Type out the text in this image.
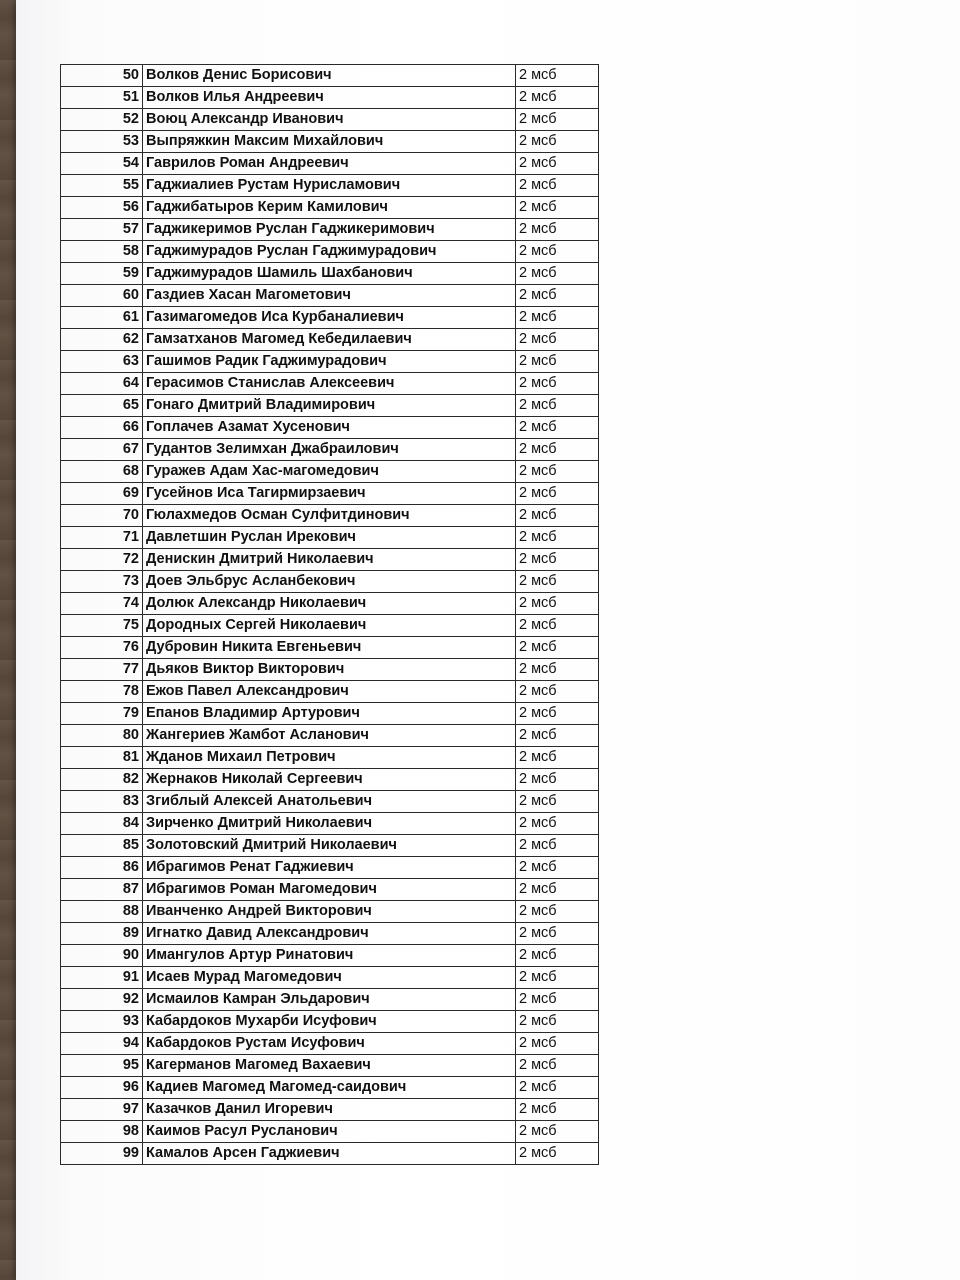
50	Волков Денис Борисович	2 мсб
51	Волков Илья Андреевич	2 мсб
52	Воюц Александр Иванович	2 мсб
53	Выпряжкин Максим Михайлович	2 мсб
54	Гаврилов Роман Андреевич	2 мсб
55	Гаджиалиев Рустам Нурисламович	2 мсб
56	Гаджибатыров Керим Камилович	2 мсб
57	Гаджикеримов Руслан Гаджикеримович	2 мсб
58	Гаджимурадов Руслан Гаджимурадович	2 мсб
59	Гаджимурадов Шамиль Шахбанович	2 мсб
60	Газдиев Хасан Магометович	2 мсб
61	Газимагомедов Иса Курбаналиевич	2 мсб
62	Гамзатханов Магомед Кебедилаевич	2 мсб
63	Гашимов Радик Гаджимурадович	2 мсб
64	Герасимов Станислав Алексеевич	2 мсб
65	Гонаго Дмитрий Владимирович	2 мсб
66	Гоплачев Азамат Хусенович	2 мсб
67	Гудантов Зелимхан Джабраилович	2 мсб
68	Гуражев Адам Хас-магомедович	2 мсб
69	Гусейнов Иса Тагирмирзаевич	2 мсб
70	Гюлахмедов Осман Сулфитдинович	2 мсб
71	Давлетшин Руслан Ирекович	2 мсб
72	Денискин Дмитрий Николаевич	2 мсб
73	Доев Эльбрус Асланбекович	2 мсб
74	Долюк Александр Николаевич	2 мсб
75	Дородных Сергей Николаевич	2 мсб
76	Дубровин Никита Евгеньевич	2 мсб
77	Дьяков Виктор Викторович	2 мсб
78	Ежов Павел Александрович	2 мсб
79	Епанов Владимир Артурович	2 мсб
80	Жангериев Жамбот Асланович	2 мсб
81	Жданов Михаил Петрович	2 мсб
82	Жернаков Николай Сергеевич	2 мсб
83	Згиблый Алексей Анатольевич	2 мсб
84	Зирченко Дмитрий Николаевич	2 мсб
85	Золотовский Дмитрий Николаевич	2 мсб
86	Ибрагимов Ренат Гаджиевич	2 мсб
87	Ибрагимов Роман Магомедович	2 мсб
88	Иванченко Андрей Викторович	2 мсб
89	Игнатко Давид Александрович	2 мсб
90	Имангулов Артур Ринатович	2 мсб
91	Исаев Мурад Магомедович	2 мсб
92	Исмаилов Камран Эльдарович	2 мсб
93	Кабардоков Мухарби Исуфович	2 мсб
94	Кабардоков Рустам Исуфович	2 мсб
95	Кагерманов Магомед Вахаевич	2 мсб
96	Кадиев Магомед Магомед-саидович	2 мсб
97	Казачков Данил Игоревич	2 мсб
98	Каимов Расул Русланович	2 мсб
99	Камалов Арсен Гаджиевич	2 мсб
